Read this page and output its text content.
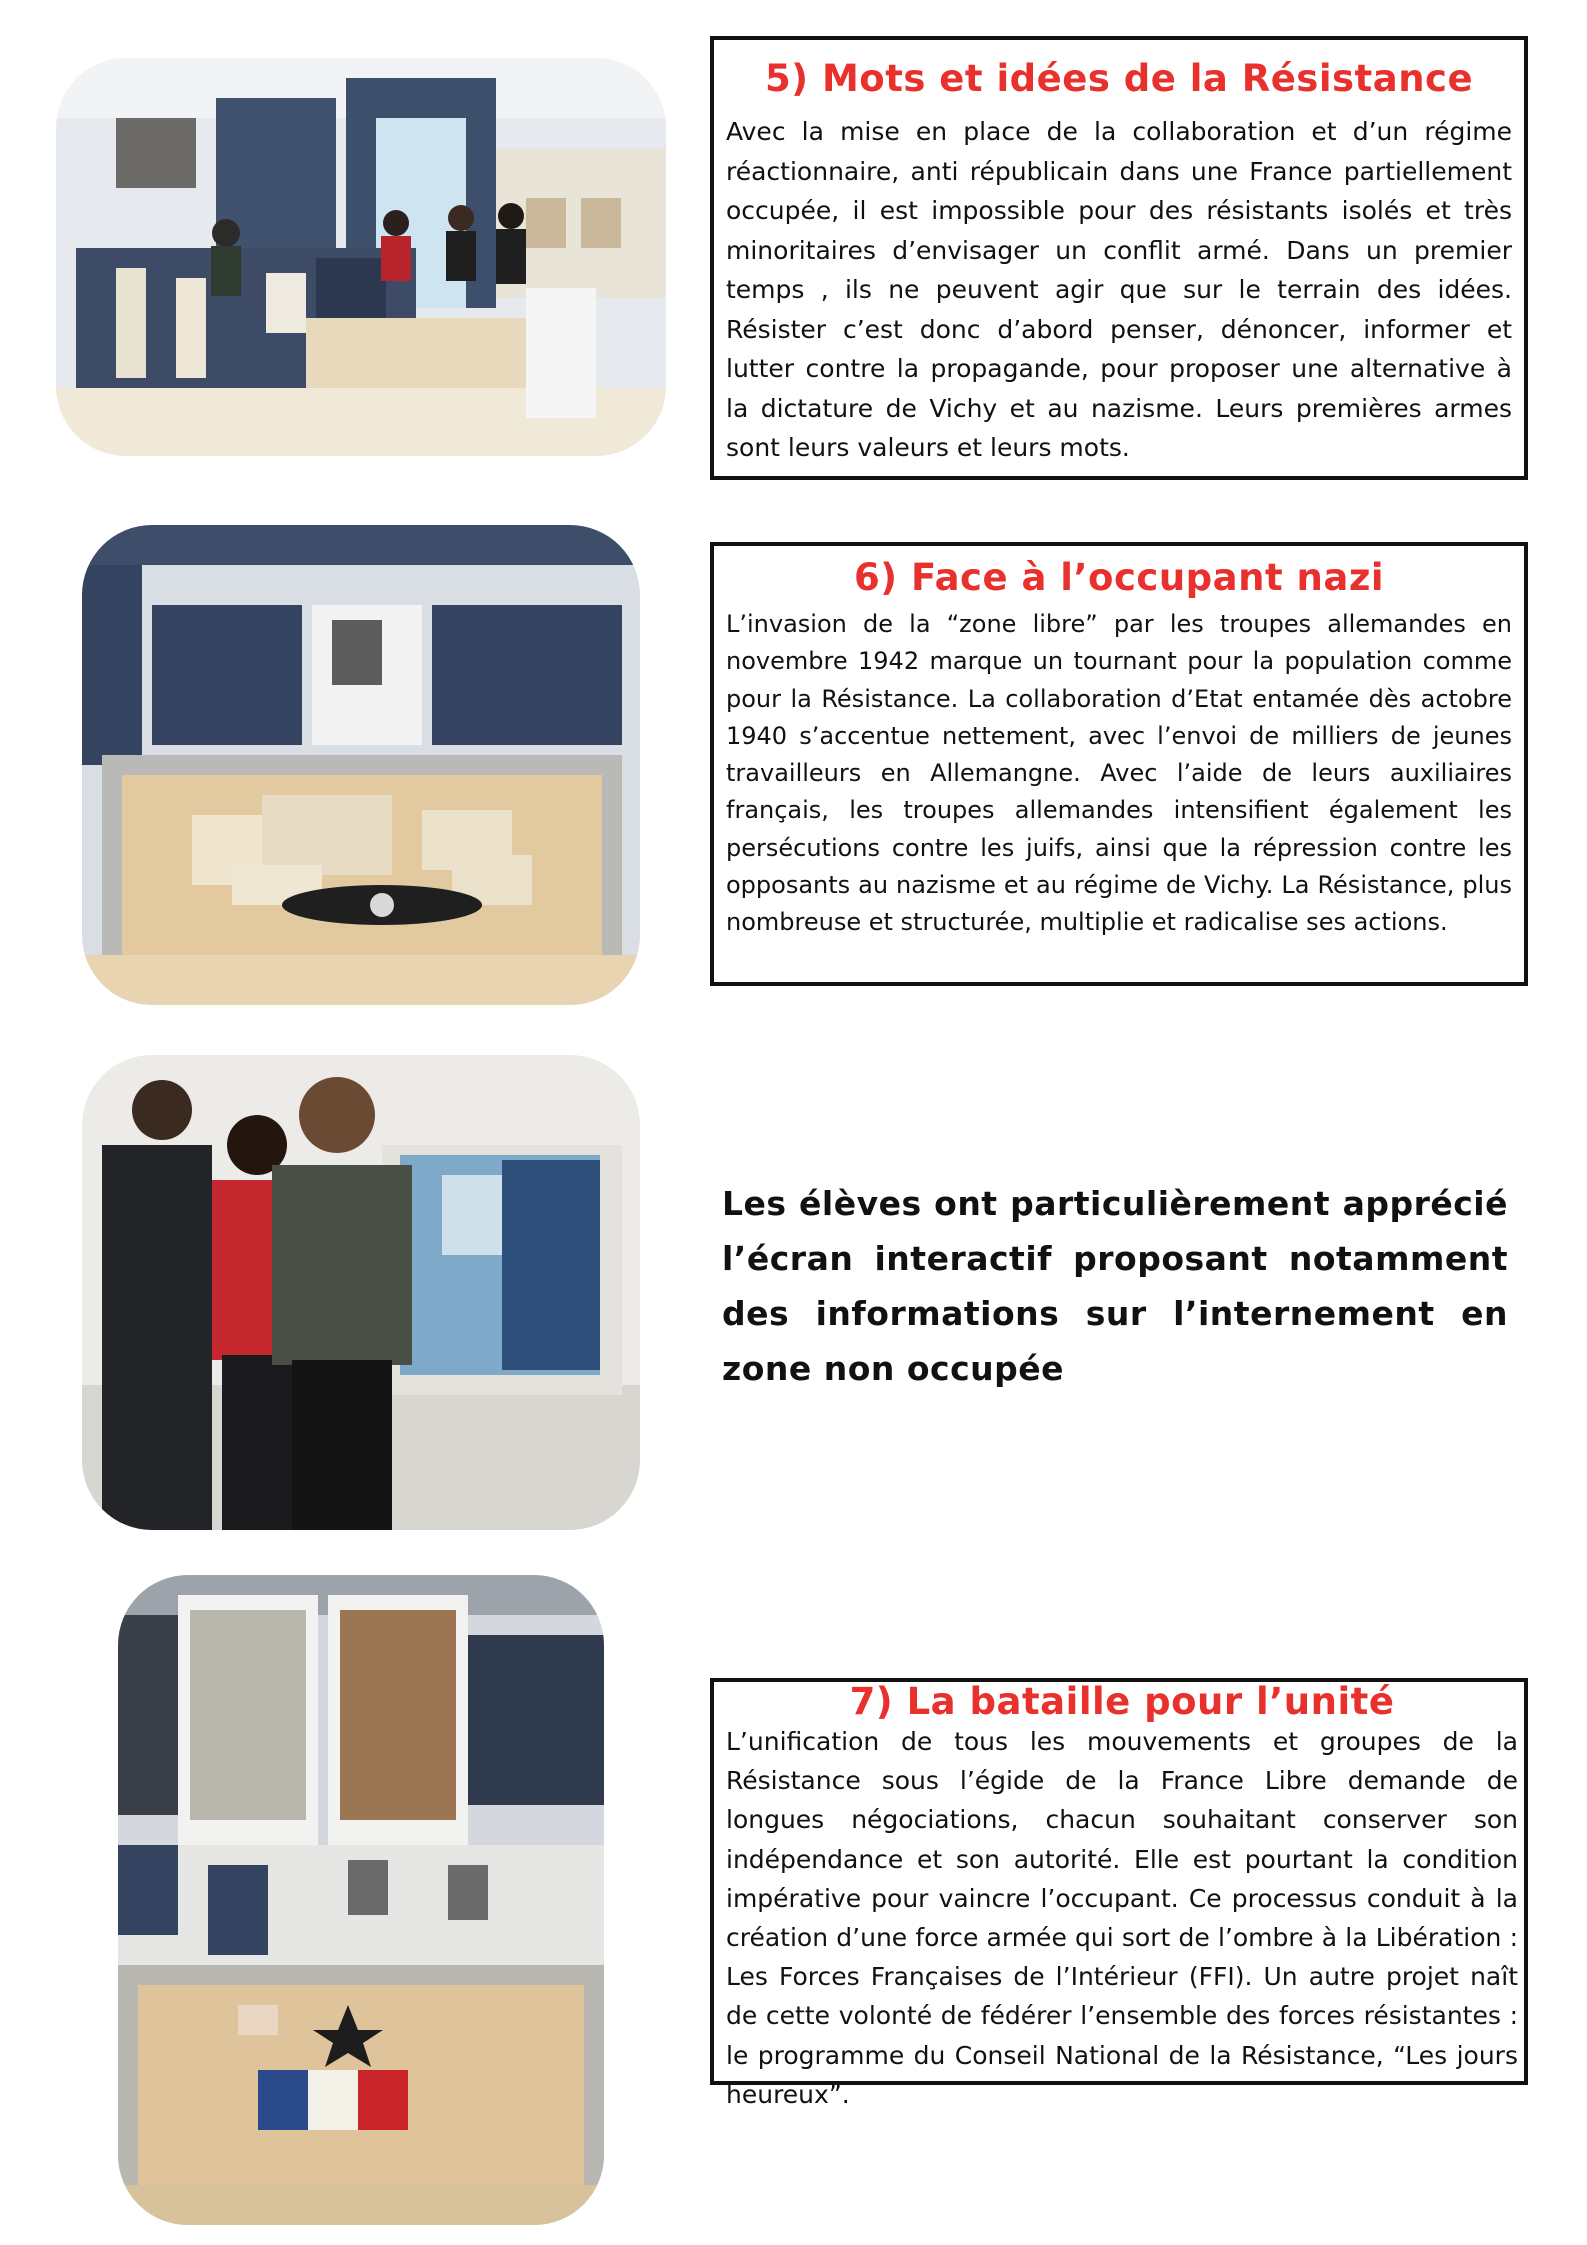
5) Mots et idées de la Résistance

Avec la mise en place de la collaboration et d’un régime réactionnaire, anti républicain dans une France partiellement occupée, il est impossible pour des résistants isolés et très minoritaires d’envisager un conflit armé. Dans un premier temps , ils ne peuvent agir que sur le terrain des idées. Résister c’est donc d’abord penser, dénoncer, informer et lutter contre la propagande, pour proposer une alternative à la dictature de Vichy et au nazisme. Leurs premières armes sont leurs valeurs et leurs mots.

6) Face à l’occupant nazi

L’invasion de la “zone libre” par les troupes allemandes en novembre 1942 marque un tournant pour la population comme pour la Résistance. La collaboration d’Etat entamée dès actobre 1940 s’accentue nettement, avec l’envoi de milliers de jeunes travailleurs en Allemangne. Avec l’aide de leurs auxiliaires français, les troupes allemandes intensifient également les persécutions contre les juifs, ainsi que la répression contre les opposants au nazisme et au régime de Vichy. La Résistance, plus nombreuse et structurée, multiplie et radicalise ses actions.

Les élèves ont particulièrement apprécié l’écran interactif proposant notamment des informations sur l’internement en zone non occupée

7) La bataille pour l’unité

L’unification de tous les mouvements et groupes de la Résistance sous l’égide de la France Libre demande de longues négociations, chacun souhaitant conserver son indépendance et son autorité. Elle est pourtant la condition impérative pour vaincre l’occupant. Ce processus conduit à la création d’une force armée qui sort de l’ombre à la Libération : Les Forces Françaises de l’Intérieur (FFI). Un autre projet naît de cette volonté de fédérer l’ensemble des forces résistantes : le programme du Conseil National de la Résistance, “Les jours heureux”.
